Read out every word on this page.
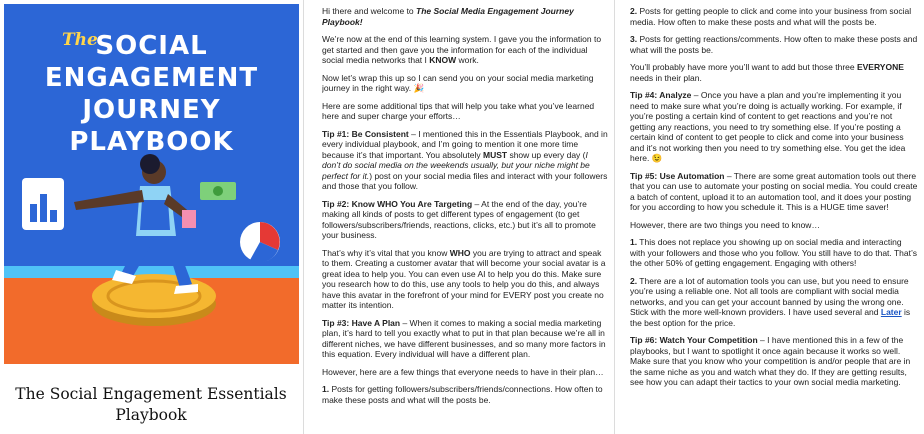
The
SOCIAL
ENGAGEMENT
JOURNEY
PLAYBOOK
The Social Engagement Essentials
Playbook

Hi there and welcome to The Social Media Engagement Journey Playbook!

We’re now at the end of this learning system. I gave you the information to get started and then gave you the information for each of the individual social media networks that I KNOW work.

Now let’s wrap this up so I can send you on your social media marketing journey in the right way. 🎉

Here are some additional tips that will help you take what you’ve learned here and super charge your efforts…

Tip #1: Be Consistent – I mentioned this in the Essentials Playbook, and in every individual playbook, and I’m going to mention it one more time because it’s that important. You absolutely MUST show up every day (I don’t do social media on the weekends usually, but your niche might be perfect for it.) post on your social media files and interact with your followers and those that you follow.

Tip #2: Know WHO You Are Targeting – At the end of the day, you’re making all kinds of posts to get different types of engagement (to get followers/subscribers/friends, reactions, clicks, etc.) but it’s all to promote your business.

That’s why it’s vital that you know WHO you are trying to attract and speak to them. Creating a customer avatar that will become your social avatar is a great idea to help you. You can even use AI to help you do this. Make sure you research how to do this, use any tools to help you do this, and always have this avatar in the forefront of your mind for EVERY post you create no matter its intention.

Tip #3: Have A Plan – When it comes to making a social media marketing plan, it’s hard to tell you exactly what to put in that plan because we’re all in different niches, we have different businesses, and so many more factors in this equation. Every individual will have a different plan.

However, here are a few things that everyone needs to have in their plan…

1. Posts for getting followers/subscribers/friends/connections. How often to make these posts and what will the posts be.

2. Posts for getting people to click and come into your business from social media. How often to make these posts and what will the posts be.

3. Posts for getting reactions/comments. How often to make these posts and what will the posts be.

You’ll probably have more you’ll want to add but those three EVERYONE needs in their plan.

Tip #4: Analyze – Once you have a plan and you’re implementing it you need to make sure what you’re doing is actually working. For example, if you’re posting a certain kind of content to get reactions and you’re not getting any reactions, you need to try something else. If you’re posting a certain kind of content to get people to click and come into your business and it’s not working then you need to try something else. You get the idea here. 😉

Tip #5: Use Automation – There are some great automation tools out there that you can use to automate your posting on social media. You could create a batch of content, upload it to an automation tool, and it does your posting for you according to how you schedule it. This is a HUGE time saver!

However, there are two things you need to know…

1. This does not replace you showing up on social media and interacting with your followers and those who you follow. You still have to do that. That’s the other 50% of getting engagement. Engaging with others!

2. There are a lot of automation tools you can use, but you need to ensure you’re using a reliable one. Not all tools are compliant with social media networks, and you can get your account banned by using the wrong one. Stick with the more well-known providers. I have used several and Later is the best option for the price.

Tip #6: Watch Your Competition – I have mentioned this in a few of the playbooks, but I want to spotlight it once again because it works so well. Make sure that you know who your competition is and/or people that are in the same niche as you and watch what they do. If they are getting results, see how you can adapt their tactics to your own social media marketing.
